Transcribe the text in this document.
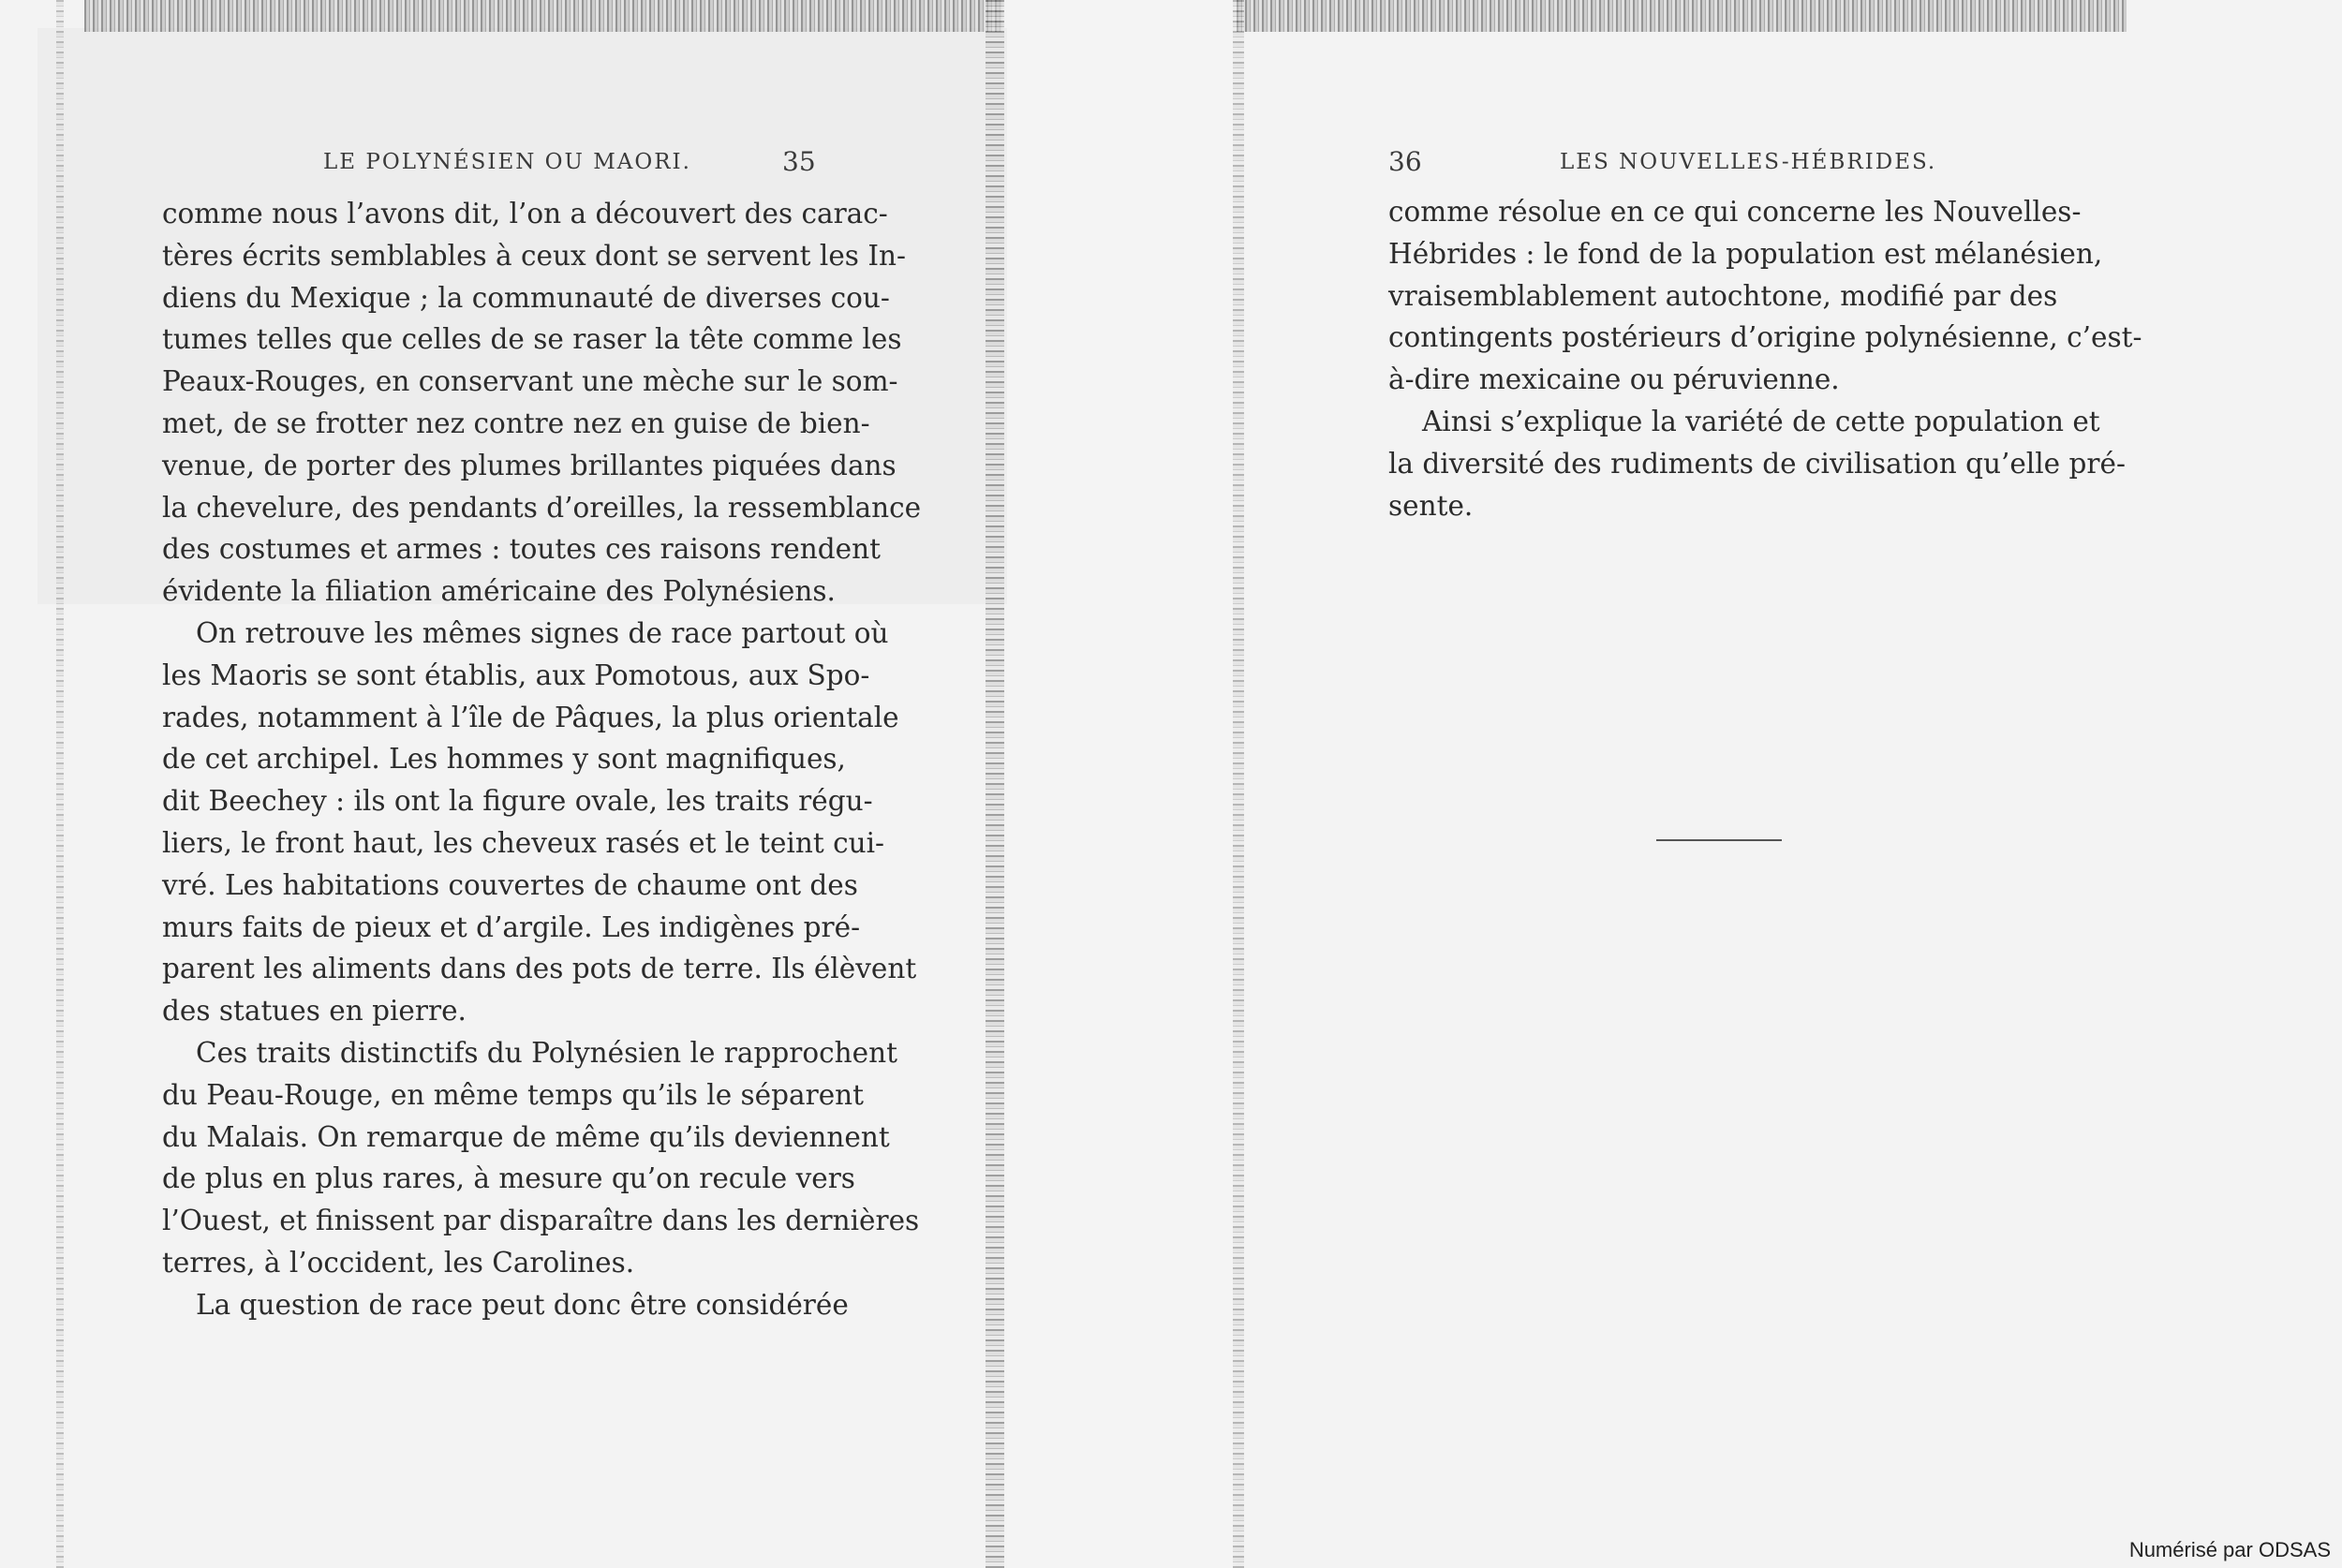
LE POLYNÉSIEN OU MAORI.	35
comme nous l’avons dit, l’on a découvert des carac-
tères écrits semblables à ceux dont se servent les In-
diens du Mexique ; la communauté de diverses cou-
tumes telles que celles de se raser la tête comme les
Peaux-Rouges, en conservant une mèche sur le som-
met, de se frotter nez contre nez en guise de bien-
venue, de porter des plumes brillantes piquées dans
la chevelure, des pendants d’oreilles, la ressemblance
des costumes et armes : toutes ces raisons rendent
évidente la filiation américaine des Polynésiens.
On retrouve les mêmes signes de race partout où
les Maoris se sont établis, aux Pomotous, aux Spo-
rades, notamment à l’île de Pâques, la plus orientale
de cet archipel. Les hommes y sont magnifiques,
dit Beechey : ils ont la figure ovale, les traits régu-
liers, le front haut, les cheveux rasés et le teint cui-
vré. Les habitations couvertes de chaume ont des
murs faits de pieux et d’argile. Les indigènes pré-
parent les aliments dans des pots de terre. Ils élèvent
des statues en pierre.
Ces traits distinctifs du Polynésien le rapprochent
du Peau-Rouge, en même temps qu’ils le séparent
du Malais. On remarque de même qu’ils deviennent
de plus en plus rares, à mesure qu’on recule vers
l’Ouest, et finissent par disparaître dans les dernières
terres, à l’occident, les Carolines.
La question de race peut donc être considérée
36	LES NOUVELLES-HÉBRIDES.
comme résolue en ce qui concerne les Nouvelles-
Hébrides : le fond de la population est mélanésien,
vraisemblablement autochtone, modifié par des
contingents postérieurs d’origine polynésienne, c’est-
à-dire mexicaine ou péruvienne.
Ainsi s’explique la variété de cette population et
la diversité des rudiments de civilisation qu’elle pré-
sente.
Numérisé par ODSAS
